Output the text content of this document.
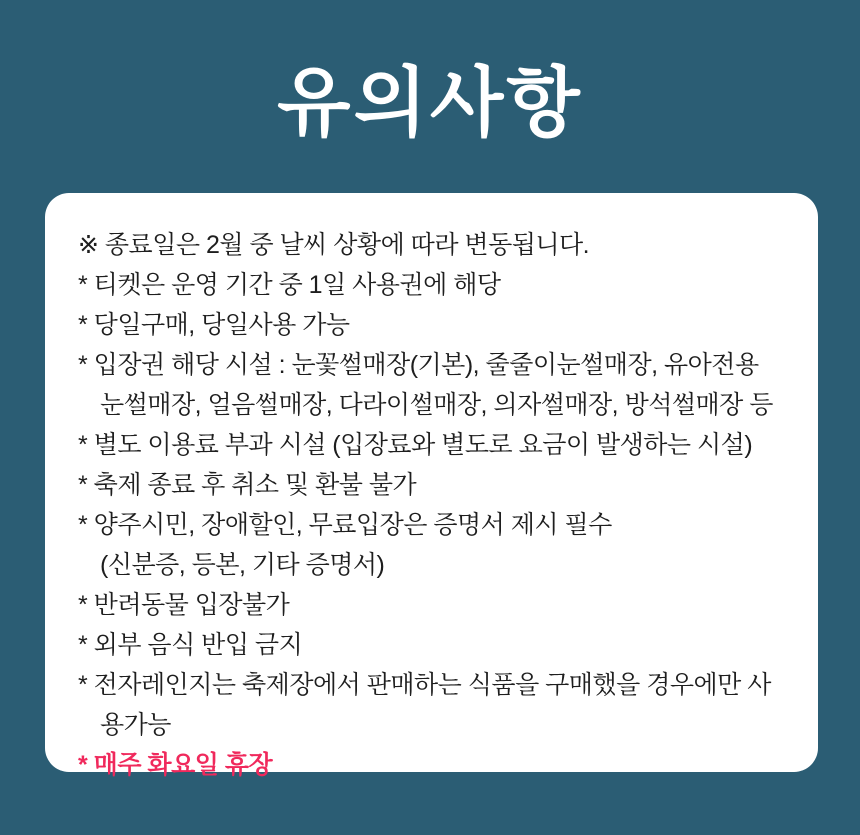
유의사항
※ 종료일은 2월 중 날씨 상황에 따라 변동됩니다.
* 티켓은 운영 기간 중 1일 사용권에 해당
* 당일구매, 당일사용 가능
* 입장권 해당 시설 : 눈꽃썰매장(기본), 줄줄이눈썰매장, 유아전용
눈썰매장, 얼음썰매장, 다라이썰매장, 의자썰매장, 방석썰매장 등
* 별도 이용료 부과 시설 (입장료와 별도로 요금이 발생하는 시설)
* 축제 종료 후 취소 및 환불 불가
* 양주시민, 장애할인, 무료입장은 증명서 제시 필수
(신분증, 등본, 기타 증명서)
* 반려동물 입장불가
* 외부 음식 반입 금지
* 전자레인지는 축제장에서 판매하는 식품을 구매했을 경우에만 사용가능
* 매주 화요일 휴장
